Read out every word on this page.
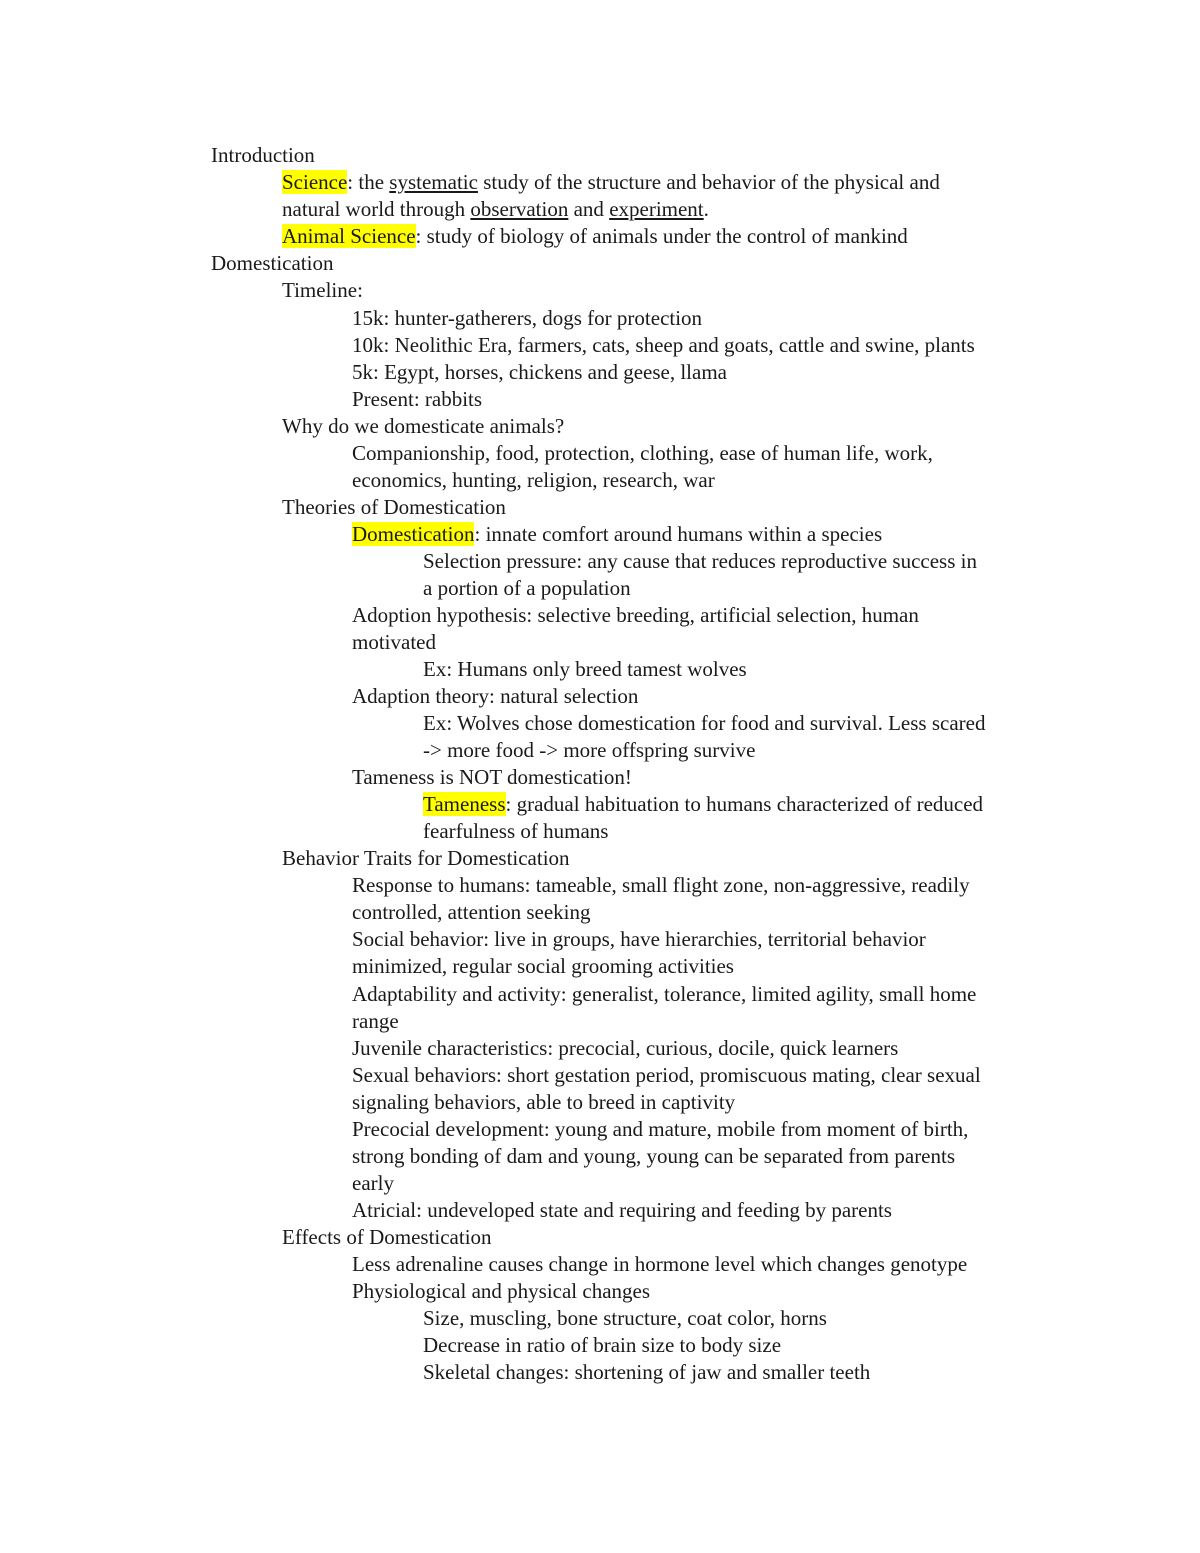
Introduction
Science: the systematic study of the structure and behavior of the physical and
natural world through observation and experiment.
Animal Science: study of biology of animals under the control of mankind
Domestication
Timeline:
15k: hunter-gatherers, dogs for protection
10k: Neolithic Era, farmers, cats, sheep and goats, cattle and swine, plants
5k: Egypt, horses, chickens and geese, llama
Present: rabbits
Why do we domesticate animals?
Companionship, food, protection, clothing, ease of human life, work,
economics, hunting, religion, research, war
Theories of Domestication
Domestication: innate comfort around humans within a species
Selection pressure: any cause that reduces reproductive success in
a portion of a population
Adoption hypothesis: selective breeding, artificial selection, human
motivated
Ex: Humans only breed tamest wolves
Adaption theory: natural selection
Ex: Wolves chose domestication for food and survival. Less scared
-> more food -> more offspring survive
Tameness is NOT domestication!
Tameness: gradual habituation to humans characterized of reduced
fearfulness of humans
Behavior Traits for Domestication
Response to humans: tameable, small flight zone, non-aggressive, readily
controlled, attention seeking
Social behavior: live in groups, have hierarchies, territorial behavior
minimized, regular social grooming activities
Adaptability and activity: generalist, tolerance, limited agility, small home
range
Juvenile characteristics: precocial, curious, docile, quick learners
Sexual behaviors: short gestation period, promiscuous mating, clear sexual
signaling behaviors, able to breed in captivity
Precocial development: young and mature, mobile from moment of birth,
strong bonding of dam and young, young can be separated from parents
early
Atricial: undeveloped state and requiring and feeding by parents
Effects of Domestication
Less adrenaline causes change in hormone level which changes genotype
Physiological and physical changes
Size, muscling, bone structure, coat color, horns
Decrease in ratio of brain size to body size
Skeletal changes: shortening of jaw and smaller teeth
